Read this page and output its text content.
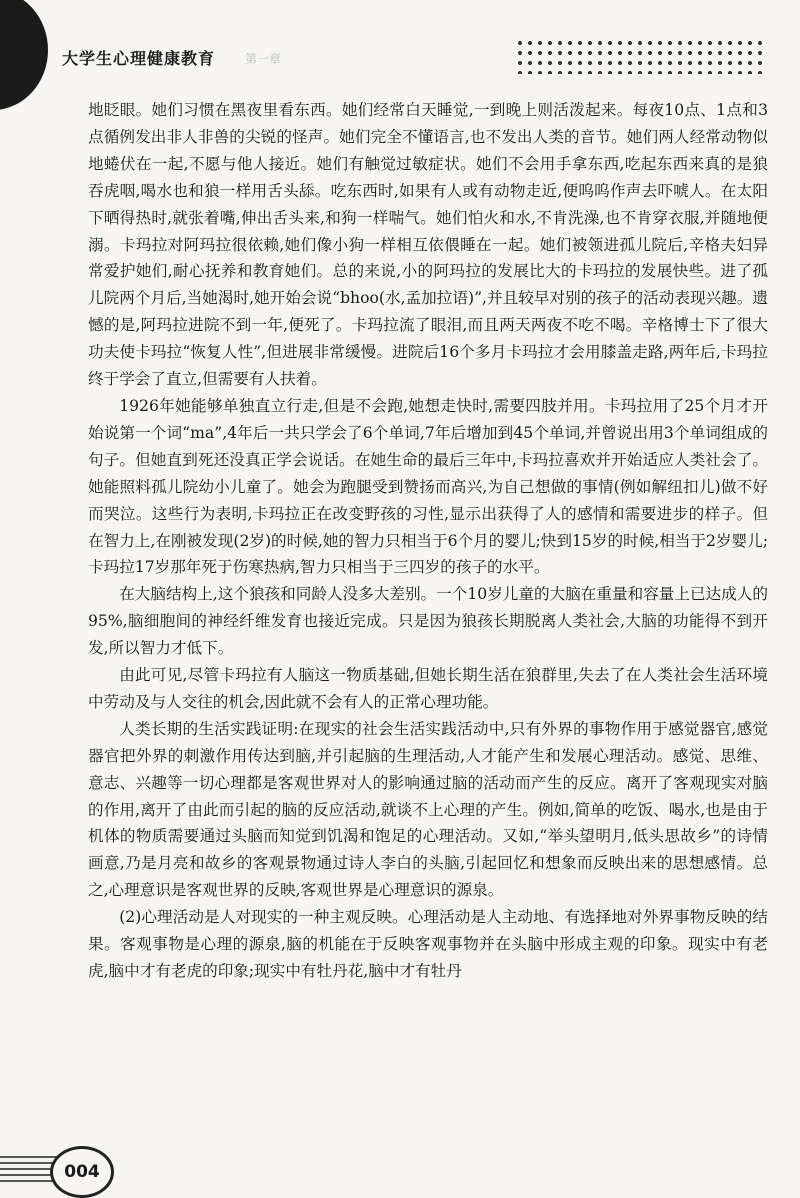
大学生心理健康教育 第一章

地眨眼。她们习惯在黑夜里看东西。她们经常白天睡觉,一到晚上则活泼起来。每夜10点、1点和3点循例发出非人非兽的尖锐的怪声。她们完全不懂语言,也不发出人类的音节。她们两人经常动物似地蜷伏在一起,不愿与他人接近。她们有触觉过敏症状。她们不会用手拿东西,吃起东西来真的是狼吞虎咽,喝水也和狼一样用舌头舔。吃东西时,如果有人或有动物走近,便呜呜作声去吓唬人。在太阳下晒得热时,就张着嘴,伸出舌头来,和狗一样喘气。她们怕火和水,不肯洗澡,也不肯穿衣服,并随地便溺。卡玛拉对阿玛拉很依赖,她们像小狗一样相互依偎睡在一起。她们被领进孤儿院后,辛格夫妇异常爱护她们,耐心抚养和教育她们。总的来说,小的阿玛拉的发展比大的卡玛拉的发展快些。进了孤儿院两个月后,当她渴时,她开始会说“bhoo(水,孟加拉语)”,并且较早对别的孩子的活动表现兴趣。遗憾的是,阿玛拉进院不到一年,便死了。卡玛拉流了眼泪,而且两天两夜不吃不喝。辛格博士下了很大功夫使卡玛拉“恢复人性”,但进展非常缓慢。进院后16个多月卡玛拉才会用膝盖走路,两年后,卡玛拉终于学会了直立,但需要有人扶着。

1926年她能够单独直立行走,但是不会跑,她想走快时,需要四肢并用。卡玛拉用了25个月才开始说第一个词“ma”,4年后一共只学会了6个单词,7年后增加到45个单词,并曾说出用3个单词组成的句子。但她直到死还没真正学会说话。在她生命的最后三年中,卡玛拉喜欢并开始适应人类社会了。她能照料孤儿院幼小儿童了。她会为跑腿受到赞扬而高兴,为自己想做的事情(例如解纽扣儿)做不好而哭泣。这些行为表明,卡玛拉正在改变野孩的习性,显示出获得了人的感情和需要进步的样子。但在智力上,在刚被发现(2岁)的时候,她的智力只相当于6个月的婴儿;快到15岁的时候,相当于2岁婴儿;卡玛拉17岁那年死于伤寒热病,智力只相当于三四岁的孩子的水平。

在大脑结构上,这个狼孩和同龄人没多大差别。一个10岁儿童的大脑在重量和容量上已达成人的95%,脑细胞间的神经纤维发育也接近完成。只是因为狼孩长期脱离人类社会,大脑的功能得不到开发,所以智力才低下。

由此可见,尽管卡玛拉有人脑这一物质基础,但她长期生活在狼群里,失去了在人类社会生活环境中劳动及与人交往的机会,因此就不会有人的正常心理功能。

人类长期的生活实践证明:在现实的社会生活实践活动中,只有外界的事物作用于感觉器官,感觉器官把外界的刺激作用传达到脑,并引起脑的生理活动,人才能产生和发展心理活动。感觉、思维、意志、兴趣等一切心理都是客观世界对人的影响通过脑的活动而产生的反应。离开了客观现实对脑的作用,离开了由此而引起的脑的反应活动,就谈不上心理的产生。例如,简单的吃饭、喝水,也是由于机体的物质需要通过头脑而知觉到饥渴和饱足的心理活动。又如,“举头望明月,低头思故乡”的诗情画意,乃是月亮和故乡的客观景物通过诗人李白的头脑,引起回忆和想象而反映出来的思想感情。总之,心理意识是客观世界的反映,客观世界是心理意识的源泉。

(2)心理活动是人对现实的一种主观反映。心理活动是人主动地、有选择地对外界事物反映的结果。客观事物是心理的源泉,脑的机能在于反映客观事物并在头脑中形成主观的印象。现实中有老虎,脑中才有老虎的印象;现实中有牡丹花,脑中才有牡丹

004
